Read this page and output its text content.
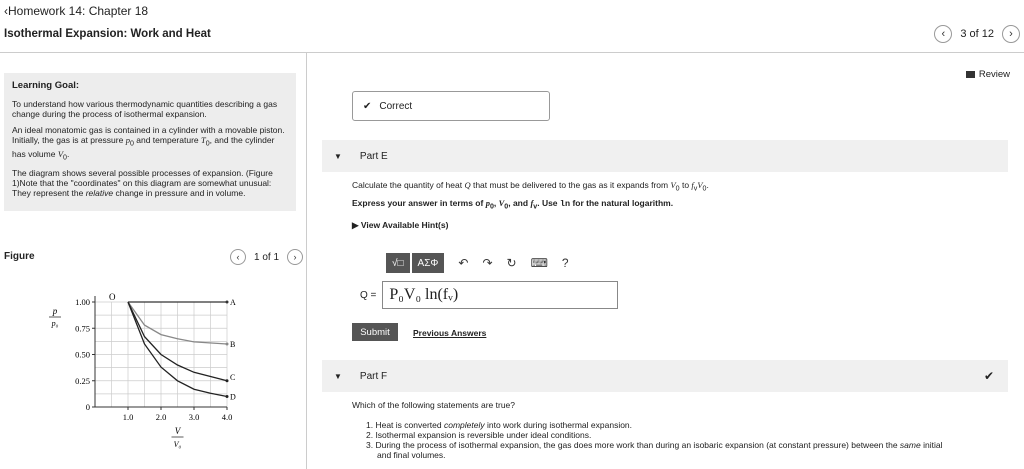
‹Homework 14: Chapter 18
Isothermal Expansion: Work and Heat	‹ 3 of 12 ›

Learning Goal:

To understand how various thermodynamic quantities describing a gas change during the process of isothermal expansion.

An ideal monatomic gas is contained in a cylinder with a movable piston. Initially, the gas is at pressure $p_0$ and temperature $T_0$, and the cylinder has volume $V_0$.

The diagram shows several possible processes of expansion. (Figure 1)Note that the "coordinates" on this diagram are somewhat unusual: They represent the relative change in pressure and in volume.

Figure	‹ 1 of 1 ›
0
0.25
0.50
0.75
1.00
1.0	2.0	3.0	4.0
O
p
p₀
V
V₀
A
B
C
D
Review
✔ Correct
▼ Part E
Calculate the quantity of heat Q that must be delivered to the gas as it expands from $V_0$ to $f_vV_0$.
Express your answer in terms of $p_0$, $V_0$, and $f_v$. Use ln for the natural logarithm.
▶ View Available Hint(s)
√□ ΑΣΦ ↶ ↷ ↻ ⌨ ?
Q = P₀V₀ ln(fᵥ)
Submit	Previous Answers
▼ Part F	✔
Which of the following statements are true?
1. Heat is converted completely into work during isothermal expansion.
2. Isothermal expansion is reversible under ideal conditions.
3. During the process of isothermal expansion, the gas does more work than during an isobaric expansion (at constant pressure) between the same initial
and final volumes.
